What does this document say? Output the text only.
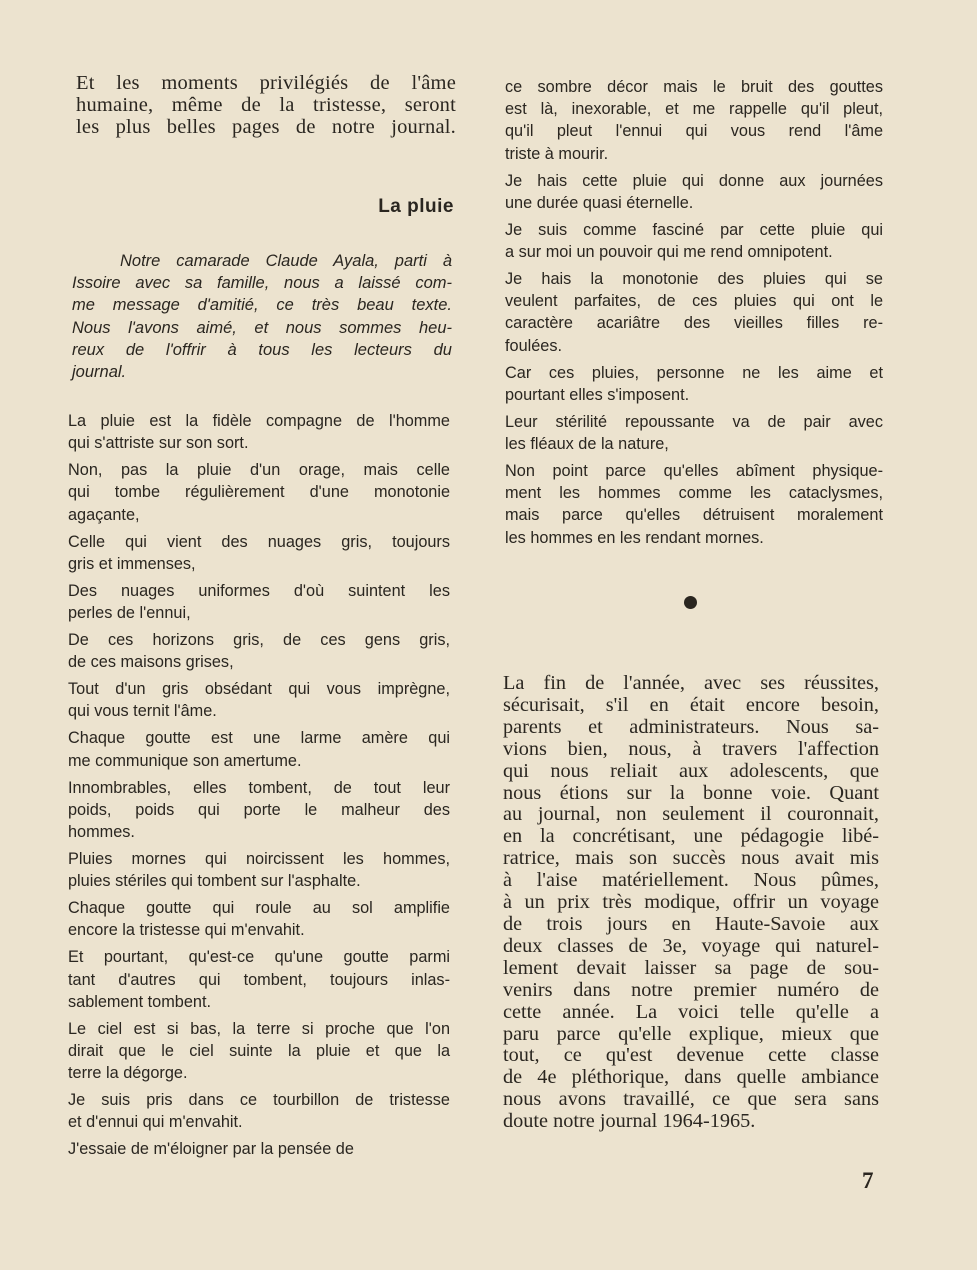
Et les moments privilégiés de l'âme
humaine, même de la tristesse, seront
les plus belles pages de notre journal.
La pluie
Notre camarade Claude Ayala, parti à
Issoire avec sa famille, nous a laissé com-
me message d'amitié, ce très beau texte.
Nous l'avons aimé, et nous sommes heu-
reux de l'offrir à tous les lecteurs du
journal.
La pluie est la fidèle compagne de l'homme
qui s'attriste sur son sort.
Non, pas la pluie d'un orage, mais celle
qui tombe régulièrement d'une monotonie
agaçante,
Celle qui vient des nuages gris, toujours
gris et immenses,
Des nuages uniformes d'où suintent les
perles de l'ennui,
De ces horizons gris, de ces gens gris,
de ces maisons grises,
Tout d'un gris obsédant qui vous imprègne,
qui vous ternit l'âme.
Chaque goutte est une larme amère qui
me communique son amertume.
Innombrables, elles tombent, de tout leur
poids, poids qui porte le malheur des
hommes.
Pluies mornes qui noircissent les hommes,
pluies stériles qui tombent sur l'asphalte.
Chaque goutte qui roule au sol amplifie
encore la tristesse qui m'envahit.
Et pourtant, qu'est-ce qu'une goutte parmi
tant d'autres qui tombent, toujours inlas-
sablement tombent.
Le ciel est si bas, la terre si proche que l'on
dirait que le ciel suinte la pluie et que la
terre la dégorge.
Je suis pris dans ce tourbillon de tristesse
et d'ennui qui m'envahit.
J'essaie de m'éloigner par la pensée de
ce sombre décor mais le bruit des gouttes
est là, inexorable, et me rappelle qu'il pleut,
qu'il pleut l'ennui qui vous rend l'âme
triste à mourir.
Je hais cette pluie qui donne aux journées
une durée quasi éternelle.
Je suis comme fasciné par cette pluie qui
a sur moi un pouvoir qui me rend omnipotent.
Je hais la monotonie des pluies qui se
veulent parfaites, de ces pluies qui ont le
caractère acariâtre des vieilles filles re-
foulées.
Car ces pluies, personne ne les aime et
pourtant elles s'imposent.
Leur stérilité repoussante va de pair avec
les fléaux de la nature,
Non point parce qu'elles abîment physique-
ment les hommes comme les cataclysmes,
mais parce qu'elles détruisent moralement
les hommes en les rendant mornes.
La fin de l'année, avec ses réussites,
sécurisait, s'il en était encore besoin,
parents et administrateurs. Nous sa-
vions bien, nous, à travers l'affection
qui nous reliait aux adolescents, que
nous étions sur la bonne voie. Quant
au journal, non seulement il couronnait,
en la concrétisant, une pédagogie libé-
ratrice, mais son succès nous avait mis
à l'aise matériellement. Nous pûmes,
à un prix très modique, offrir un voyage
de trois jours en Haute-Savoie aux
deux classes de 3e, voyage qui naturel-
lement devait laisser sa page de sou-
venirs dans notre premier numéro de
cette année. La voici telle qu'elle a
paru parce qu'elle explique, mieux que
tout, ce qu'est devenue cette classe
de 4e pléthorique, dans quelle ambiance
nous avons travaillé, ce que sera sans
doute notre journal 1964-1965.
7
